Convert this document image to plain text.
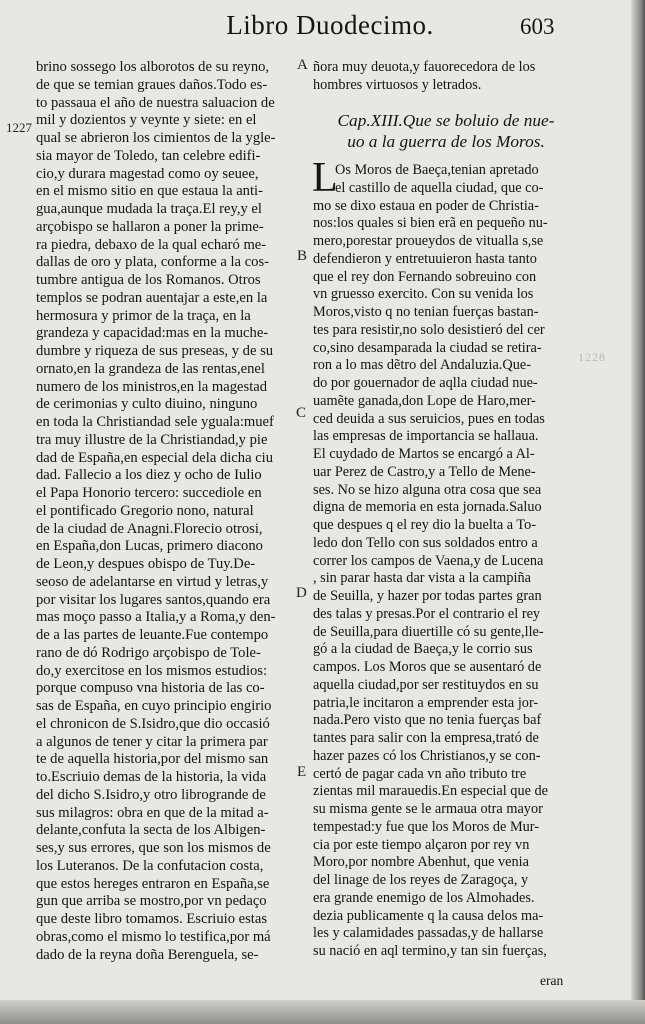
Libro Duodecimo.	603
1227
A
B
C
D
E
1228
brino sossego los alborotos de su reyno,
de que se temian graues daños.Todo es-
to passaua el año de nuestra saluacion de
mil y dozientos y veynte y siete: en el
qual se abrieron los cimientos de la ygle-
sia mayor de Toledo, tan celebre edifi-
cio,y durara magestad como oy seuee,
en el mismo sitio en que estaua la anti-
gua,aunque mudada la traça.El rey,y el
arçobispo se hallaron a poner la prime-
ra piedra, debaxo de la qual echaró me-
dallas de oro y plata, conforme a la cos-
tumbre antigua de los Romanos. Otros
templos se podran auentajar a este,en la
hermosura y primor de la traça, en la
grandeza y capacidad:mas en la muche-
dumbre y riqueza de sus preseas, y de su
ornato,en la grandeza de las rentas,enel
numero de los ministros,en la magestad
de cerimonias y culto diuino, ninguno
en toda la Christiandad sele yguala:muef
tra muy illustre de la Christiandad,y pie
dad de España,en especial dela dicha ciu
dad. Fallecio a los diez y ocho de Iulio
el Papa Honorio tercero: succediole en
el pontificado Gregorio nono, natural
de la ciudad de Anagni.Florecio otrosi,
en España,don Lucas, primero diacono
de Leon,y despues obispo de Tuy.De-
seoso de adelantarse en virtud y letras,y
por visitar los lugares santos,quando era
mas moço passo a Italia,y a Roma,y den-
de a las partes de leuante.Fue contempo
rano de dó Rodrigo arçobispo de Tole-
do,y exercitose en los mismos estudios:
porque compuso vna historia de las co-
sas de España, en cuyo principio engirio
el chronicon de S.Isidro,que dio occasió
a algunos de tener y citar la primera par
te de aquella historia,por del mismo san
to.Escriuio demas de la historia, la vida
del dicho S.Isidro,y otro librogrande de
sus milagros: obra en que de la mitad a-
delante,confuta la secta de los Albigen-
ses,y sus errores, que son los mismos de
los Luteranos. De la confutacion costa,
que estos hereges entraron en España,se
gun que arriba se mostro,por vn pedaço
que deste libro tomamos. Escriuio estas
obras,como el mismo lo testifica,por má
dado de la reyna doña Berenguela, se-
ñora muy deuota,y fauorecedora de los
hombres virtuosos y letrados.
Cap.XIII.Que se boluio de nue-
uo a la guerra de los Moros.
L
Os Moros de Baeça,tenian apretado
el castillo de aquella ciudad, que co-
mo se dixo estaua en poder de Christia-
nos:los quales si bien erã en pequeño nu-
mero,porestar proueydos de vitualla s,se
defendieron y entretuuieron hasta tanto
que el rey don Fernando sobreuino con
vn gruesso exercito. Con su venida los
Moros,visto q no tenian fuerças bastan-
tes para resistir,no solo desistieró del cer
co,sino desamparada la ciudad se retira-
ron a lo mas dẽtro del Andaluzia.Que-
do por gouernador de aqlla ciudad nue-
uamẽte ganada,don Lope de Haro,mer-
ced deuida a sus seruicios, pues en todas
las empresas de importancia se hallaua.
El cuydado de Martos se encargó a Al-
uar Perez de Castro,y a Tello de Mene-
ses. No se hizo alguna otra cosa que sea
digna de memoria en esta jornada.Saluo
que despues q el rey dio la buelta a To-
ledo don Tello con sus soldados entro a
correr los campos de Vaena,y de Lucena
, sin parar hasta dar vista a la campiña
de Seuilla, y hazer por todas partes gran
des talas y presas.Por el contrario el rey
de Seuilla,para diuertille có su gente,lle-
gó a la ciudad de Baeça,y le corrio sus
campos. Los Moros que se ausentaró de
aquella ciudad,por ser restituydos en su
patria,le incitaron a emprender esta jor-
nada.Pero visto que no tenia fuerças baf
tantes para salir con la empresa,trató de
hazer pazes có los Christianos,y se con-
certó de pagar cada vn año tributo tre
zientas mil marauedis.En especial que de
su misma gente se le armaua otra mayor
tempestad:y fue que los Moros de Mur-
cia por este tiempo alçaron por rey vn
Moro,por nombre Abenhut, que venia
del linage de los reyes de Zaragoça, y
era grande enemigo de los Almohades.
dezia publicamente q la causa delos ma-
les y calamidades passadas,y de hallarse
su nació en aql termino,y tan sin fuerças,
eran
